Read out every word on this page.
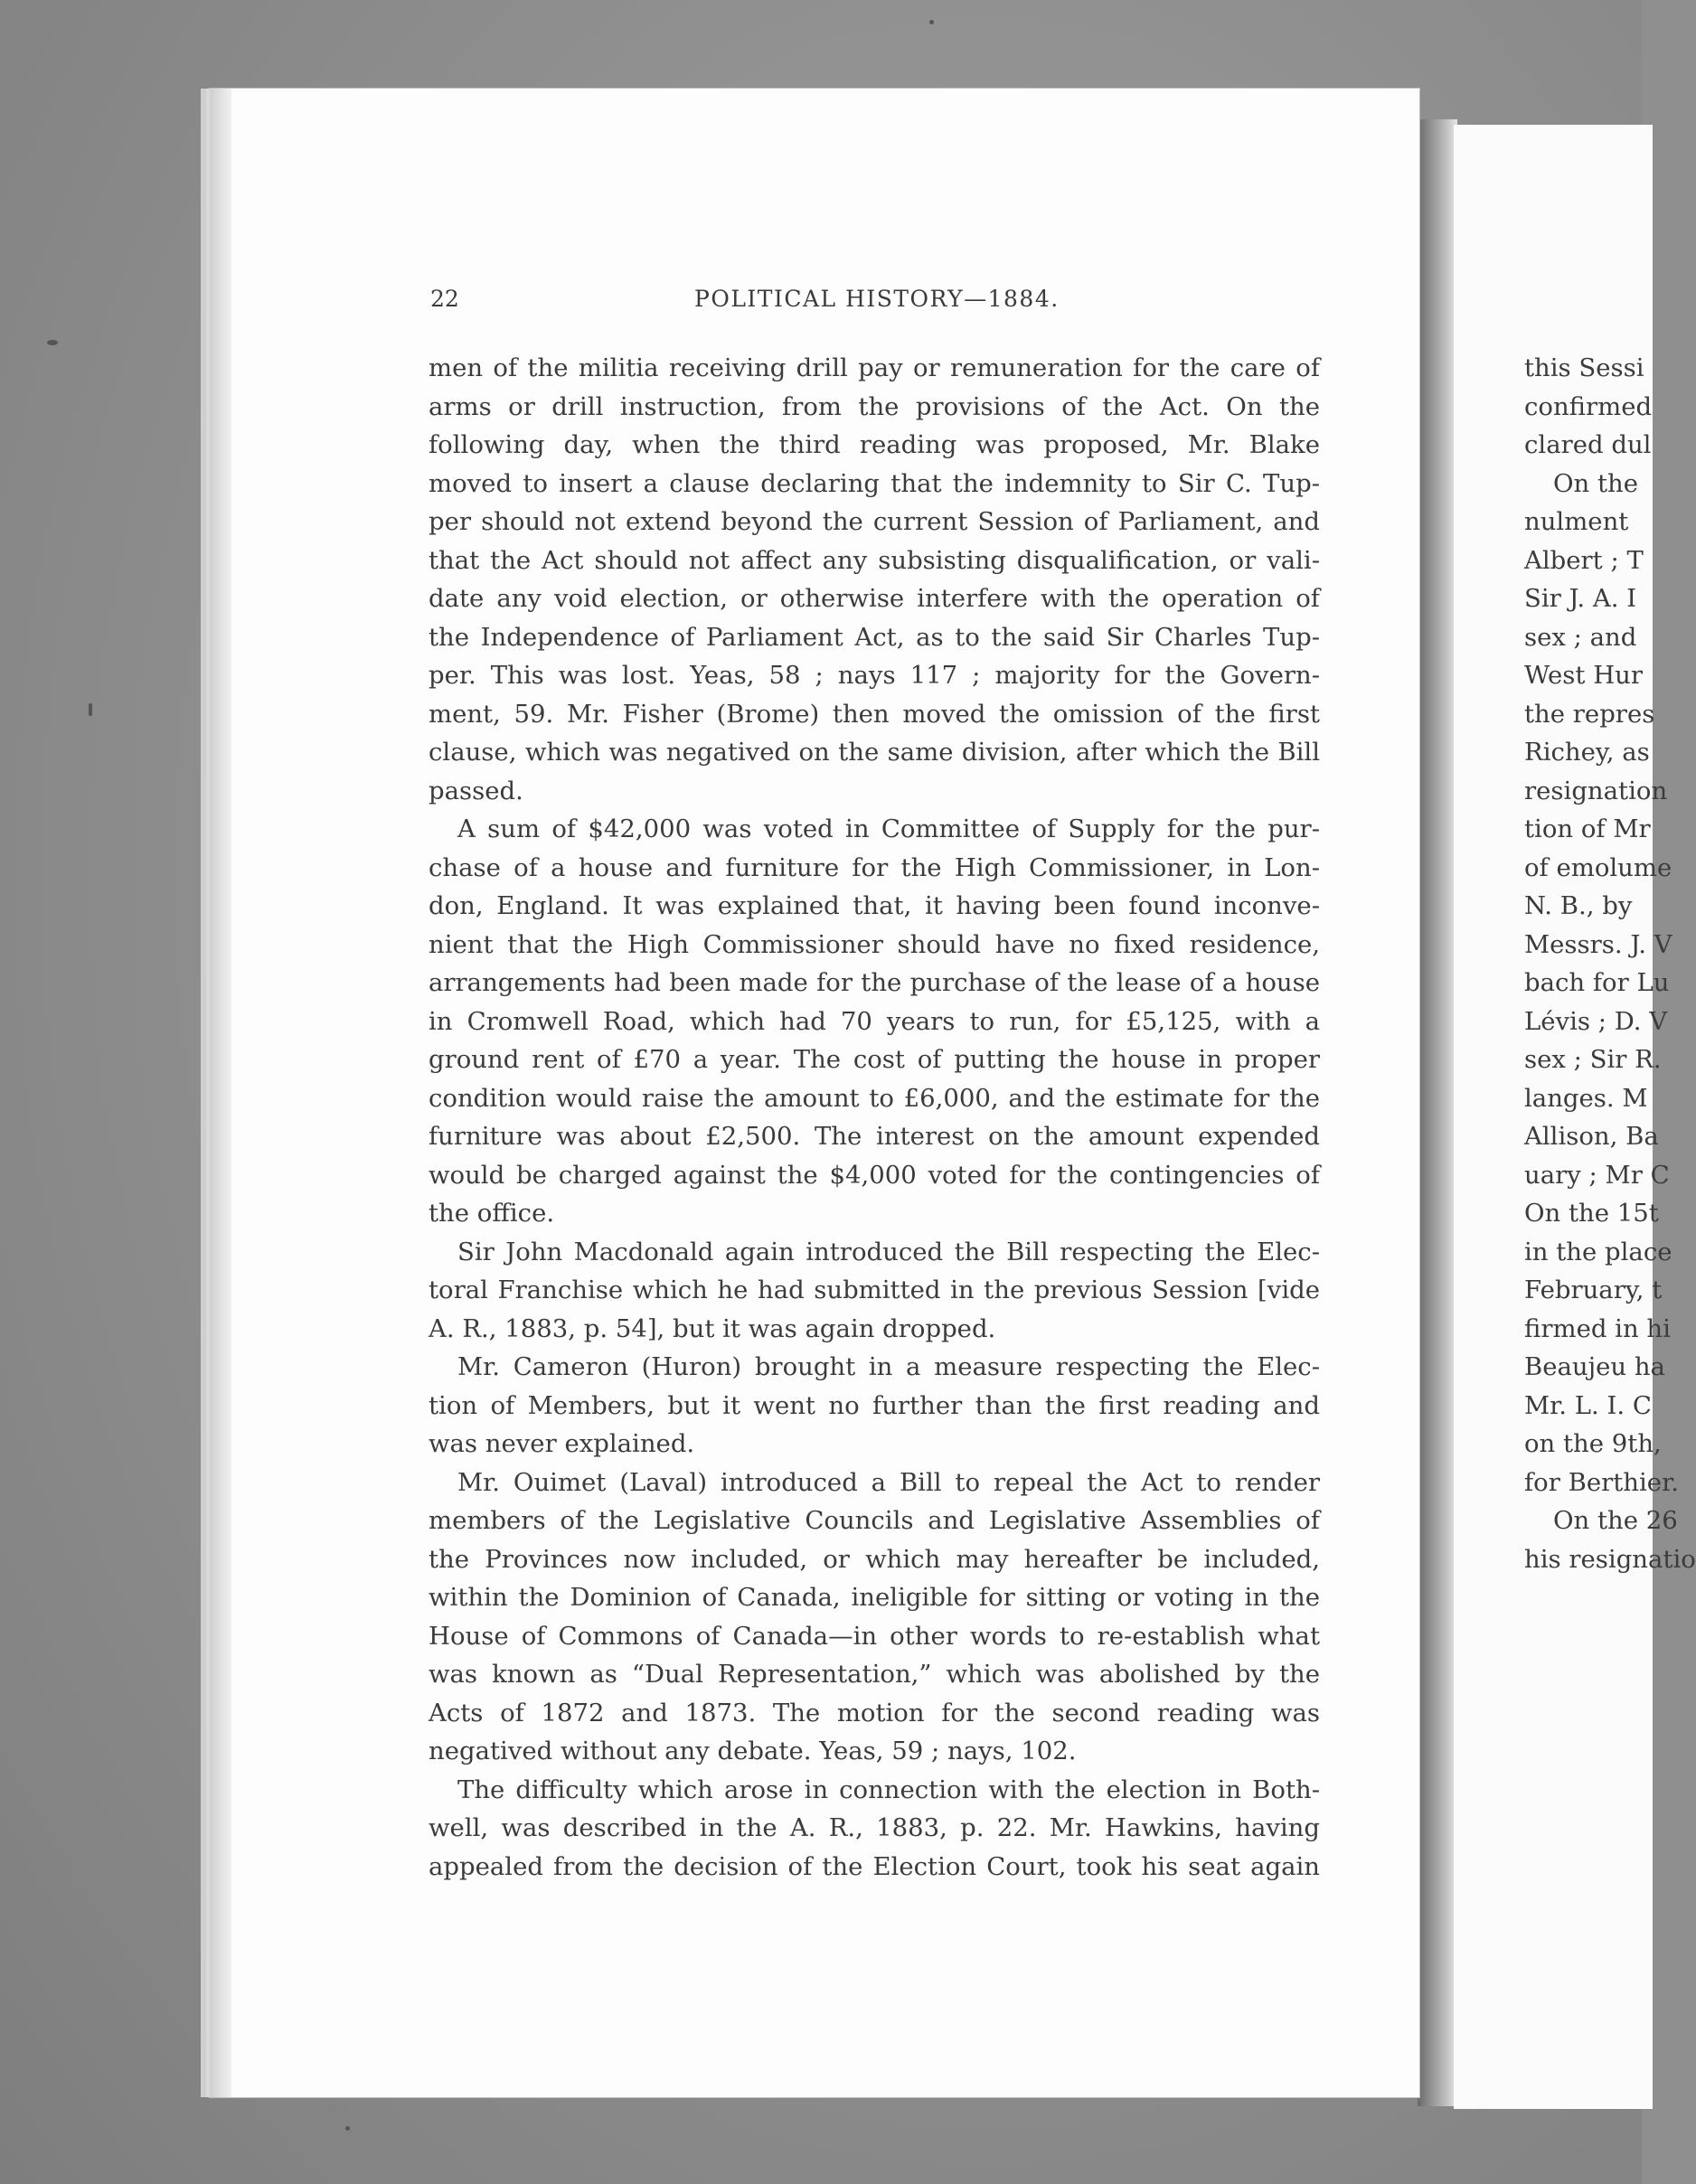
22	POLITICAL HISTORY—1884.
men of the militia receiving drill pay or remuneration for the care of
arms or drill instruction, from the provisions of the Act. On the
following day, when the third reading was proposed, Mr. Blake
moved to insert a clause declaring that the indemnity to Sir C. Tup-
per should not extend beyond the current Session of Parliament, and
that the Act should not affect any subsisting disqualification, or vali-
date any void election, or otherwise interfere with the operation of
the Independence of Parliament Act, as to the said Sir Charles Tup-
per. This was lost. Yeas, 58 ; nays 117 ; majority for the Govern-
ment, 59. Mr. Fisher (Brome) then moved the omission of the first
clause, which was negatived on the same division, after which the Bill
passed.
A sum of $42,000 was voted in Committee of Supply for the pur-
chase of a house and furniture for the High Commissioner, in Lon-
don, England. It was explained that, it having been found inconve-
nient that the High Commissioner should have no fixed residence,
arrangements had been made for the purchase of the lease of a house
in Cromwell Road, which had 70 years to run, for £5,125, with a
ground rent of £70 a year. The cost of putting the house in proper
condition would raise the amount to £6,000, and the estimate for the
furniture was about £2,500. The interest on the amount expended
would be charged against the $4,000 voted for the contingencies of
the office.
Sir John Macdonald again introduced the Bill respecting the Elec-
toral Franchise which he had submitted in the previous Session [vide
A. R., 1883, p. 54], but it was again dropped.
Mr. Cameron (Huron) brought in a measure respecting the Elec-
tion of Members, but it went no further than the first reading and
was never explained.
Mr. Ouimet (Laval) introduced a Bill to repeal the Act to render
members of the Legislative Councils and Legislative Assemblies of
the Provinces now included, or which may hereafter be included,
within the Dominion of Canada, ineligible for sitting or voting in the
House of Commons of Canada—in other words to re-establish what
was known as “Dual Representation,” which was abolished by the
Acts of 1872 and 1873. The motion for the second reading was
negatived without any debate. Yeas, 59 ; nays, 102.
The difficulty which arose in connection with the election in Both-
well, was described in the A. R., 1883, p. 22. Mr. Hawkins, having
appealed from the decision of the Election Court, took his seat again
this Sessi
confirmed
clared dul
On the
nulment
Albert ; T
Sir J. A. I
sex ; and
West Hur
the repres
Richey, as
resignation
tion of Mr
of emolume
N. B., by
Messrs. J. V
bach for Lu
Lévis ; D. V
sex ; Sir R.
langes. M
Allison, Ba
uary ; Mr C
On the 15t
in the place
February, t
firmed in hi
Beaujeu ha
Mr. L. I. C
on the 9th,
for Berthier.
On the 26
his resignatio
